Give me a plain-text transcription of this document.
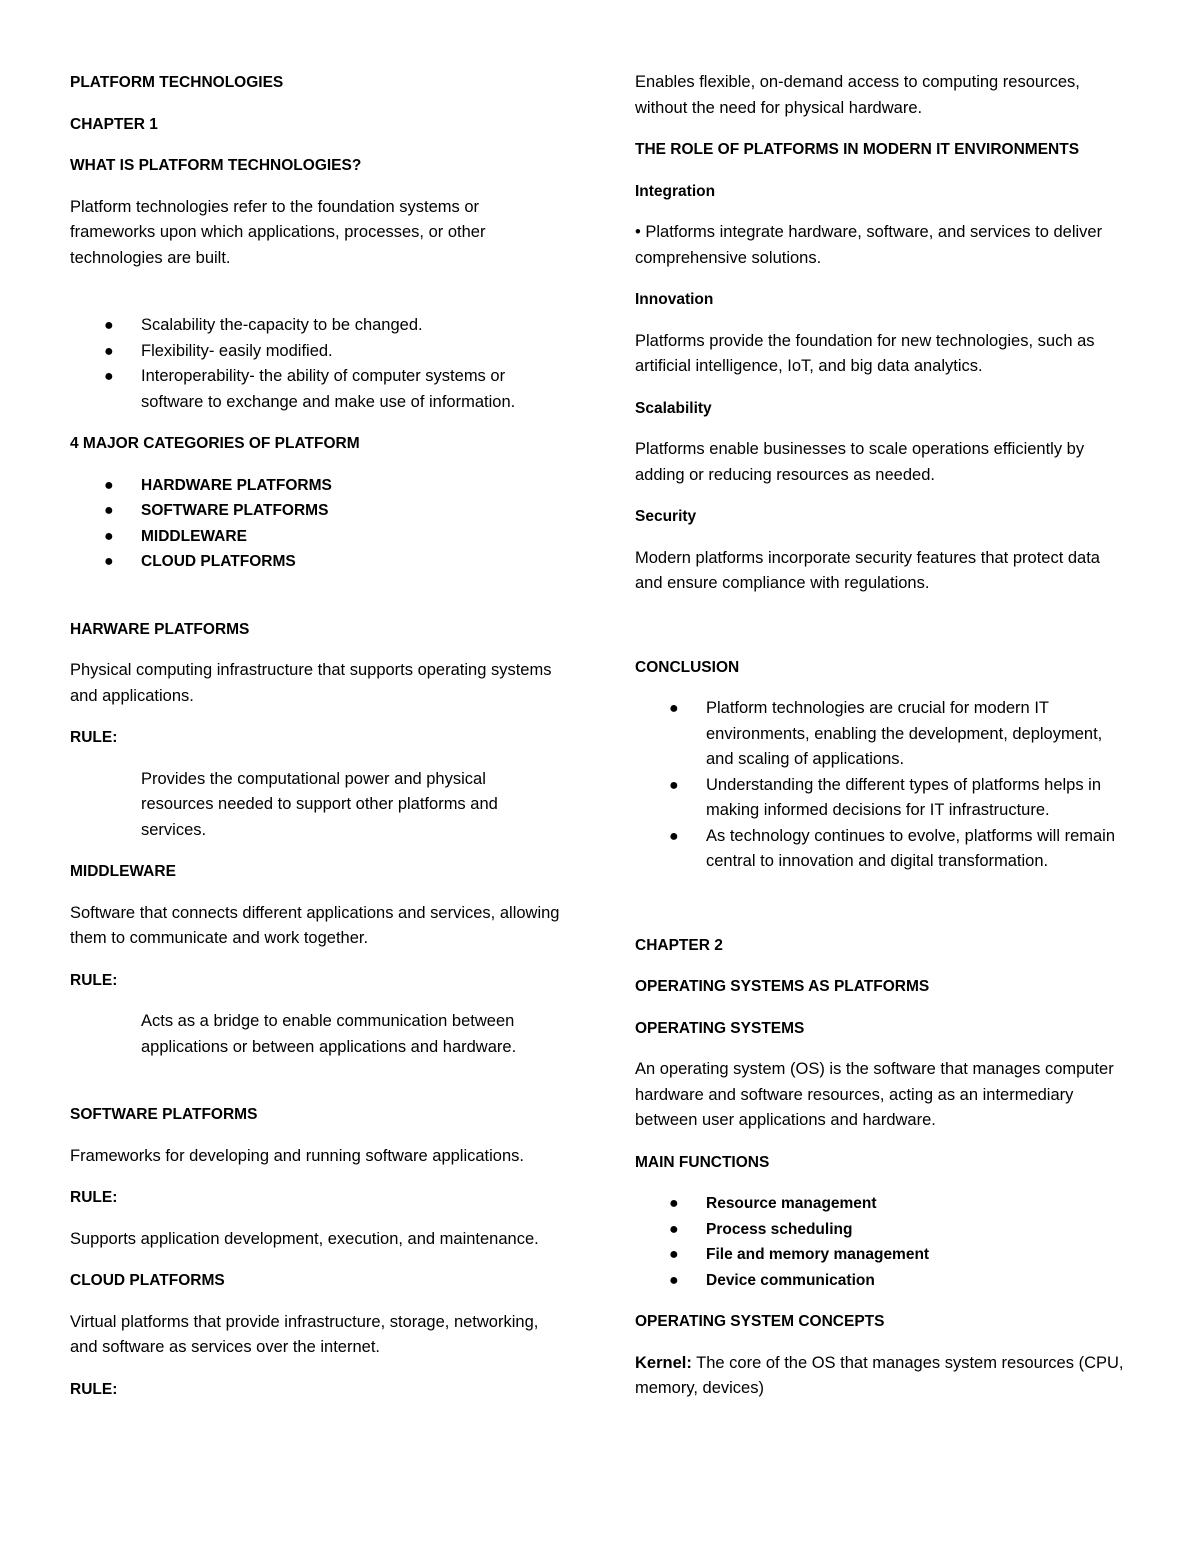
PLATFORM TECHNOLOGIES

CHAPTER 1

WHAT IS PLATFORM TECHNOLOGIES?

Platform technologies refer to the foundation systems or frameworks upon which applications, processes, or other technologies are built.

● Scalability the-capacity to be changed.
● Flexibility- easily modified.
● Interoperability- the ability of computer systems or software to exchange and make use of information.

4 MAJOR CATEGORIES OF PLATFORM

● HARDWARE PLATFORMS
● SOFTWARE PLATFORMS
● MIDDLEWARE
● CLOUD PLATFORMS

HARWARE PLATFORMS

Physical computing infrastructure that supports operating systems and applications.

RULE:

Provides the computational power and physical resources needed to support other platforms and services.

MIDDLEWARE

Software that connects different applications and services, allowing them to communicate and work together.

RULE:

Acts as a bridge to enable communication between applications or between applications and hardware.

SOFTWARE PLATFORMS

Frameworks for developing and running software applications.

RULE:

Supports application development, execution, and maintenance.

CLOUD PLATFORMS

Virtual platforms that provide infrastructure, storage, networking, and software as services over the internet.

RULE:

Enables flexible, on-demand access to computing resources, without the need for physical hardware.

THE ROLE OF PLATFORMS IN MODERN IT ENVIRONMENTS

Integration

• Platforms integrate hardware, software, and services to deliver comprehensive solutions.

Innovation

Platforms provide the foundation for new technologies, such as artificial intelligence, IoT, and big data analytics.

Scalability

Platforms enable businesses to scale operations efficiently by adding or reducing resources as needed.

Security

Modern platforms incorporate security features that protect data and ensure compliance with regulations.

CONCLUSION

● Platform technologies are crucial for modern IT environments, enabling the development, deployment, and scaling of applications.
● Understanding the different types of platforms helps in making informed decisions for IT infrastructure.
● As technology continues to evolve, platforms will remain central to innovation and digital transformation.

CHAPTER 2

OPERATING SYSTEMS AS PLATFORMS

OPERATING SYSTEMS

An operating system (OS) is the software that manages computer hardware and software resources, acting as an intermediary between user applications and hardware.

MAIN FUNCTIONS

● Resource management
● Process scheduling
● File and memory management
● Device communication

OPERATING SYSTEM CONCEPTS

Kernel: The core of the OS that manages system resources (CPU, memory, devices)
